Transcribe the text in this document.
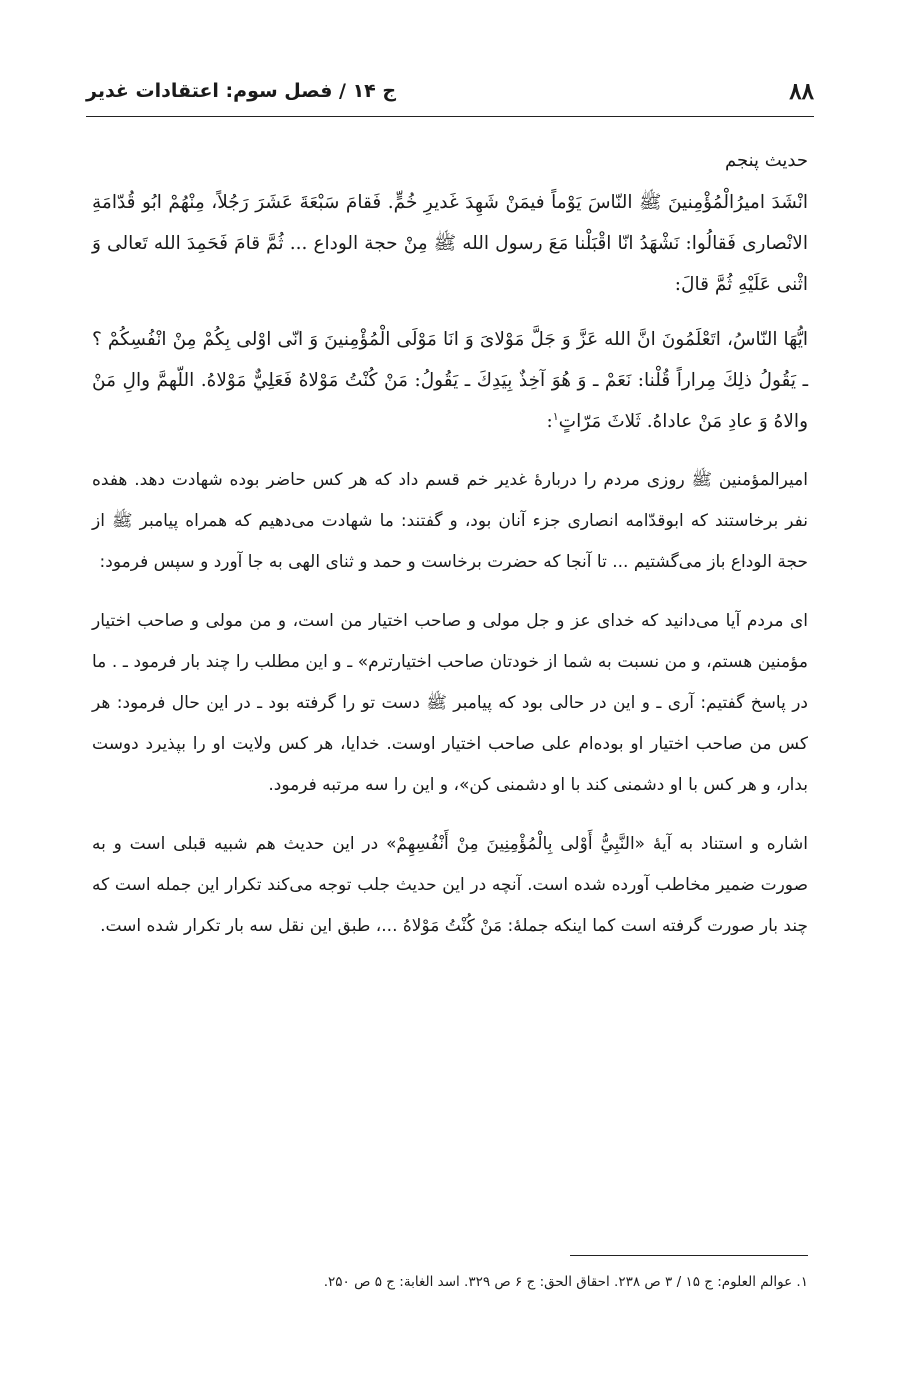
۸۸
ج ۱۴ / فصل سوم: اعتقادات غدیر

حديث پنجم

انْشَدَ اميرُالْمُؤْمِنينَ ﷺ النّاسَ يَوْماً فيمَنْ شَهِدَ غَديرِ خُمٍّ. فَقامَ سَبْعَةَ عَشَرَ رَجُلاً، مِنْهُمْ ابُو قُدّامَةِ الانْصارى فَقالُوا: نَشْهَدُ انّا اقْبَلْنا مَعَ رسول الله ﷺ مِنْ حجة الوداع ... ثُمَّ قامَ فَحَمِدَ الله تَعالى وَ اثْنى عَلَيْهِ ثُمَّ قالَ:

ايُّهَا النّاسُ، اتَعْلَمُونَ انَّ الله عَزَّ وَ جَلَّ مَوْلاىَ وَ انَا مَوْلَى الْمُؤْمِنينَ وَ انّى اوْلى بِكُمْ مِنْ انْفُسِكُمْ ؟ـ يَقُولُ ذلِكَ مِراراً قُلْنا: نَعَمْ ـ وَ هُوَ آخِذٌ بِيَدِكَ ـ يَقُولُ: مَنْ كُنْتُ مَوْلاهُ فَعَلِيٌّ مَوْلاهُ. اللّهمَّ والِ مَنْ والاهُ وَ عادِ مَنْ عاداهُ. ثَلاثَ مَرّاتٍ$^۱$:

اميرالمؤمنين ﷺ روزى مردم را دربارهٔ غدير خم قسم داد كه هر كس حاضر بوده شهادت دهد. هفده نفر برخاستند كه ابوقدّامه انصارى جزء آنان بود، و گفتند: ما شهادت مى‌دهيم كه همراه پيامبر ﷺ از حجة الوداع باز مى‌گشتيم ... تا آنجا كه حضرت برخاست و حمد و ثناى الهى به جا آورد و سپس فرمود:

اى مردم آيا مى‌دانيد كه خداى عز و جل مولى و صاحب اختيار من است، و من مولى و صاحب اختيار مؤمنين هستم، و من نسبت به شما از خودتان صاحب اختيارترم» ـ و اين مطلب را چند بار فرمود ـ . ما در پاسخ گفتيم: آرى ـ و اين در حالى بود كه پيامبر ﷺ دست تو را گرفته بود ـ در اين حال فرمود: هر كس من صاحب اختيار او بوده‌ام على صاحب اختيار اوست. خدايا، هر كس ولايت او را بپذيرد دوست بدار، و هر كس با او دشمنى كند با او دشمنى كن»، و اين را سه مرتبه فرمود.

اشاره و استناد به آيهٔ «النَّبِيُّ أَوْلى بِالْمُؤْمِنِينَ مِنْ أَنْفُسِهِمْ» در اين حديث هم شبيه قبلى است و به صورت ضمير مخاطب آورده شده است. آنچه در اين حديث جلب توجه مى‌كند تكرار اين جمله است كه چند بار صورت گرفته است كما اينكه جملهٔ: مَنْ كُنْتُ مَوْلاهُ ...، طبق اين نقل سه بار تكرار شده است.

۱. عوالم العلوم: ج ۱۵ / ۳ ص ۲۳۸. احقاق الحق: ج ۶ ص ۳۲۹. اسد الغابة: ج ۵ ص ۲۵۰.
